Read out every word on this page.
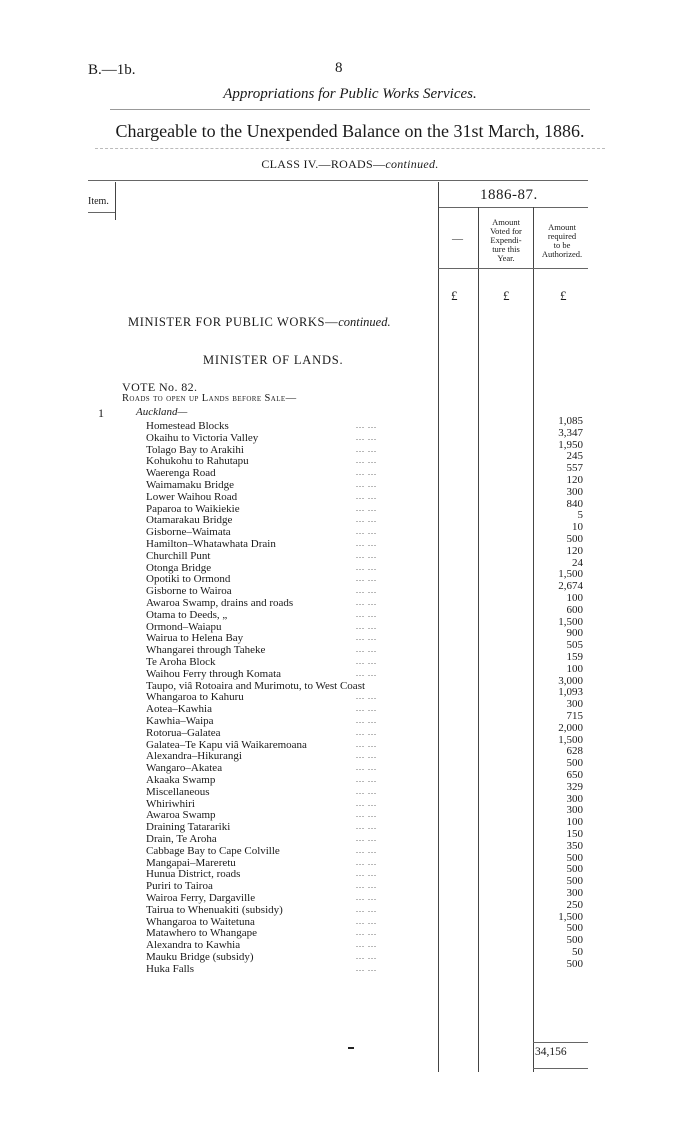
B.—1b.	8
Appropriations for Public Works Services.
Chargeable to the Unexpended Balance on the 31st March, 1886.
CLASS IV.—ROADS—continued.
Item.	1886-87.
—
Amount
Voted for
Expendi-
ture this
Year.
Amount
required
to be
Authorized.
£	£	£
MINISTER FOR PUBLIC WORKS—continued.
MINISTER OF LANDS.
VOTE No. 82.
Roads to open up Lands before Sale—
1	Auckland—
Homestead Blocks	... ...	1,085
Okaihu to Victoria Valley	... ...	3,347
Tolago Bay to Arakihi	... ...	1,950
Kohukohu to Rahutapu	... ...	245
Waerenga Road	... ...	557
Waimamaku Bridge	... ...	120
Lower Waihou Road	... ...	300
Paparoa to Waikiekie	... ...	840
Otamarakau Bridge	... ...	5
Gisborne–Waimata	... ...	10
Hamilton–Whatawhata Drain	... ...	500
Churchill Punt	... ...	120
Otonga Bridge	... ...	24
Opotiki to Ormond	... ...	1,500
Gisborne to Wairoa	... ...	2,674
Awaroa Swamp, drains and roads	... ...	100
Otama to Deeds, „	... ...	600
Ormond–Waiapu	... ...	1,500
Wairua to Helena Bay	... ...	900
Whangarei through Taheke	... ...	505
Te Aroha Block	... ...	159
Waihou Ferry through Komata	... ...	100
Taupo, viâ Rotoaira and Murimotu, to West Coast	3,000
Whangaroa to Kahuru	... ...	1,093
Aotea–Kawhia	... ...	300
Kawhia–Waipa	... ...	715
Rotorua–Galatea	... ...	2,000
Galatea–Te Kapu viâ Waikaremoana	... ...	1,500
Alexandra–Hikurangi	... ...	628
Wangaro–Akatea	... ...	500
Akaaka Swamp	... ...	650
Miscellaneous	... ...	329
Whiriwhiri	... ...	300
Awaroa Swamp	... ...	300
Draining Tatarariki	... ...	100
Drain, Te Aroha	... ...	150
Cabbage Bay to Cape Colville	... ...	350
Mangapai–Mareretu	... ...	500
Hunua District, roads	... ...	500
Puriri to Tairoa	... ...	500
Wairoa Ferry, Dargaville	... ...	300
Tairua to Whenuakiti (subsidy)	... ...	250
Whangaroa to Waitetuna	... ...	1,500
Matawhero to Whangape	... ...	500
Alexandra to Kawhia	... ...	500
Mauku Bridge (subsidy)	... ...	50
Huka Falls	... ...	500
34,156
